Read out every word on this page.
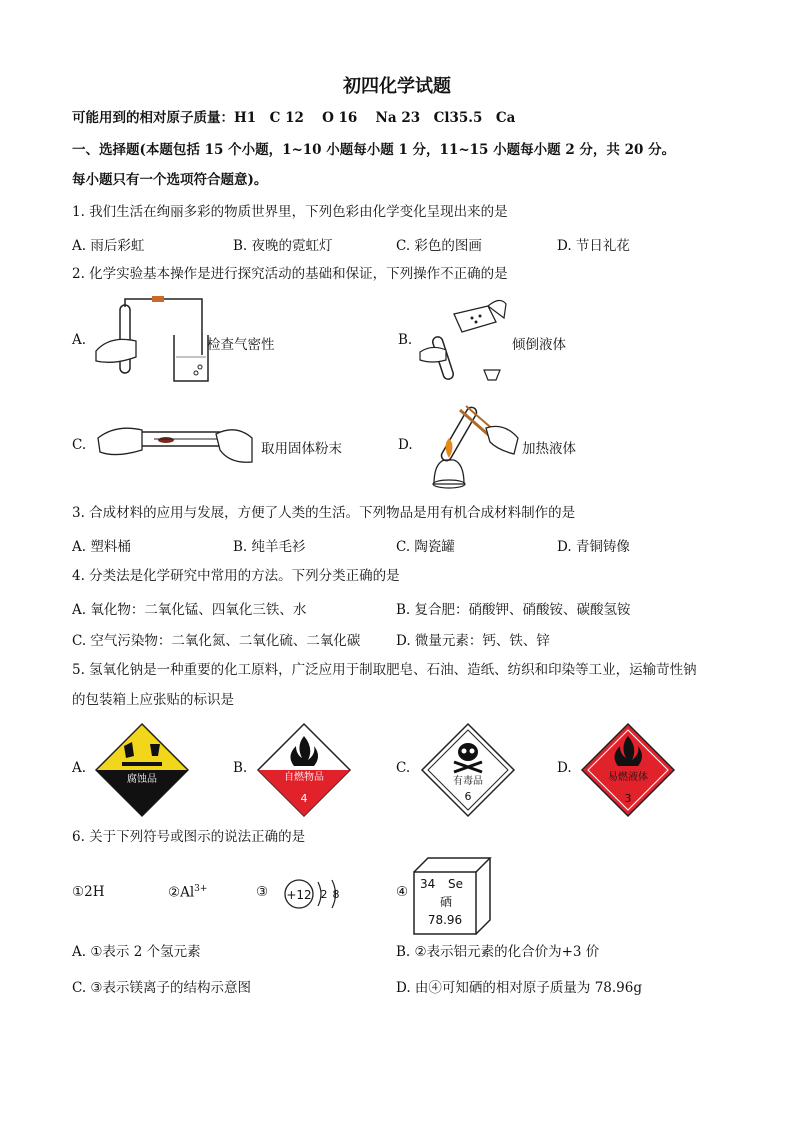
初四化学试题
可能用到的相对原子质量：H1　C 12　 O 16　 Na 23　Cl35.5　Ca
一、选择题(本题包括 15 个小题，1~10 小题每小题 1 分，11~15 小题每小题 2 分，共 20 分。
每小题只有一个选项符合题意)。
1. 我们生活在绚丽多彩的物质世界里，下列色彩由化学变化呈现出来的是
A. 雨后彩虹	B. 夜晚的霓虹灯	C. 彩色的图画	D. 节日礼花
2. 化学实验基本操作是进行探究活动的基础和保证，下列操作不正确的是
A.	检查气密性	B.	倾倒液体
C.	取用固体粉末	D.	加热液体
3. 合成材料的应用与发展，方便了人类的生活。下列物品是用有机合成材料制作的是
A. 塑料桶	B. 纯羊毛衫	C. 陶瓷罐	D. 青铜铸像
4. 分类法是化学研究中常用的方法。下列分类正确的是
A. 氧化物：二氧化锰、四氧化三铁、水	B. 复合肥：硝酸钾、硝酸铵、碳酸氢铵
C. 空气污染物：二氧化氮、二氧化硫、二氧化碳	D. 微量元素：钙、铁、锌
5. 氢氧化钠是一种重要的化工原料，广泛应用于制取肥皂、石油、造纸、纺织和印染等工业，运输苛性钠
的包装箱上应张贴的标识是
A.
腐蚀品
B.
自燃物品
4
C.
有毒品
6
D.
易燃液体
3
6. 关于下列符号或图示的说法正确的是
①2H	$②Al^{3+}$	③ +12 2 8	④ 34 Se
硒
78.96
A. ①表示 2 个氢元素	B. ②表示铝元素的化合价为+3 价
C. ③表示镁离子的结构示意图	D. 由④可知硒的相对原子质量为 78.96g
